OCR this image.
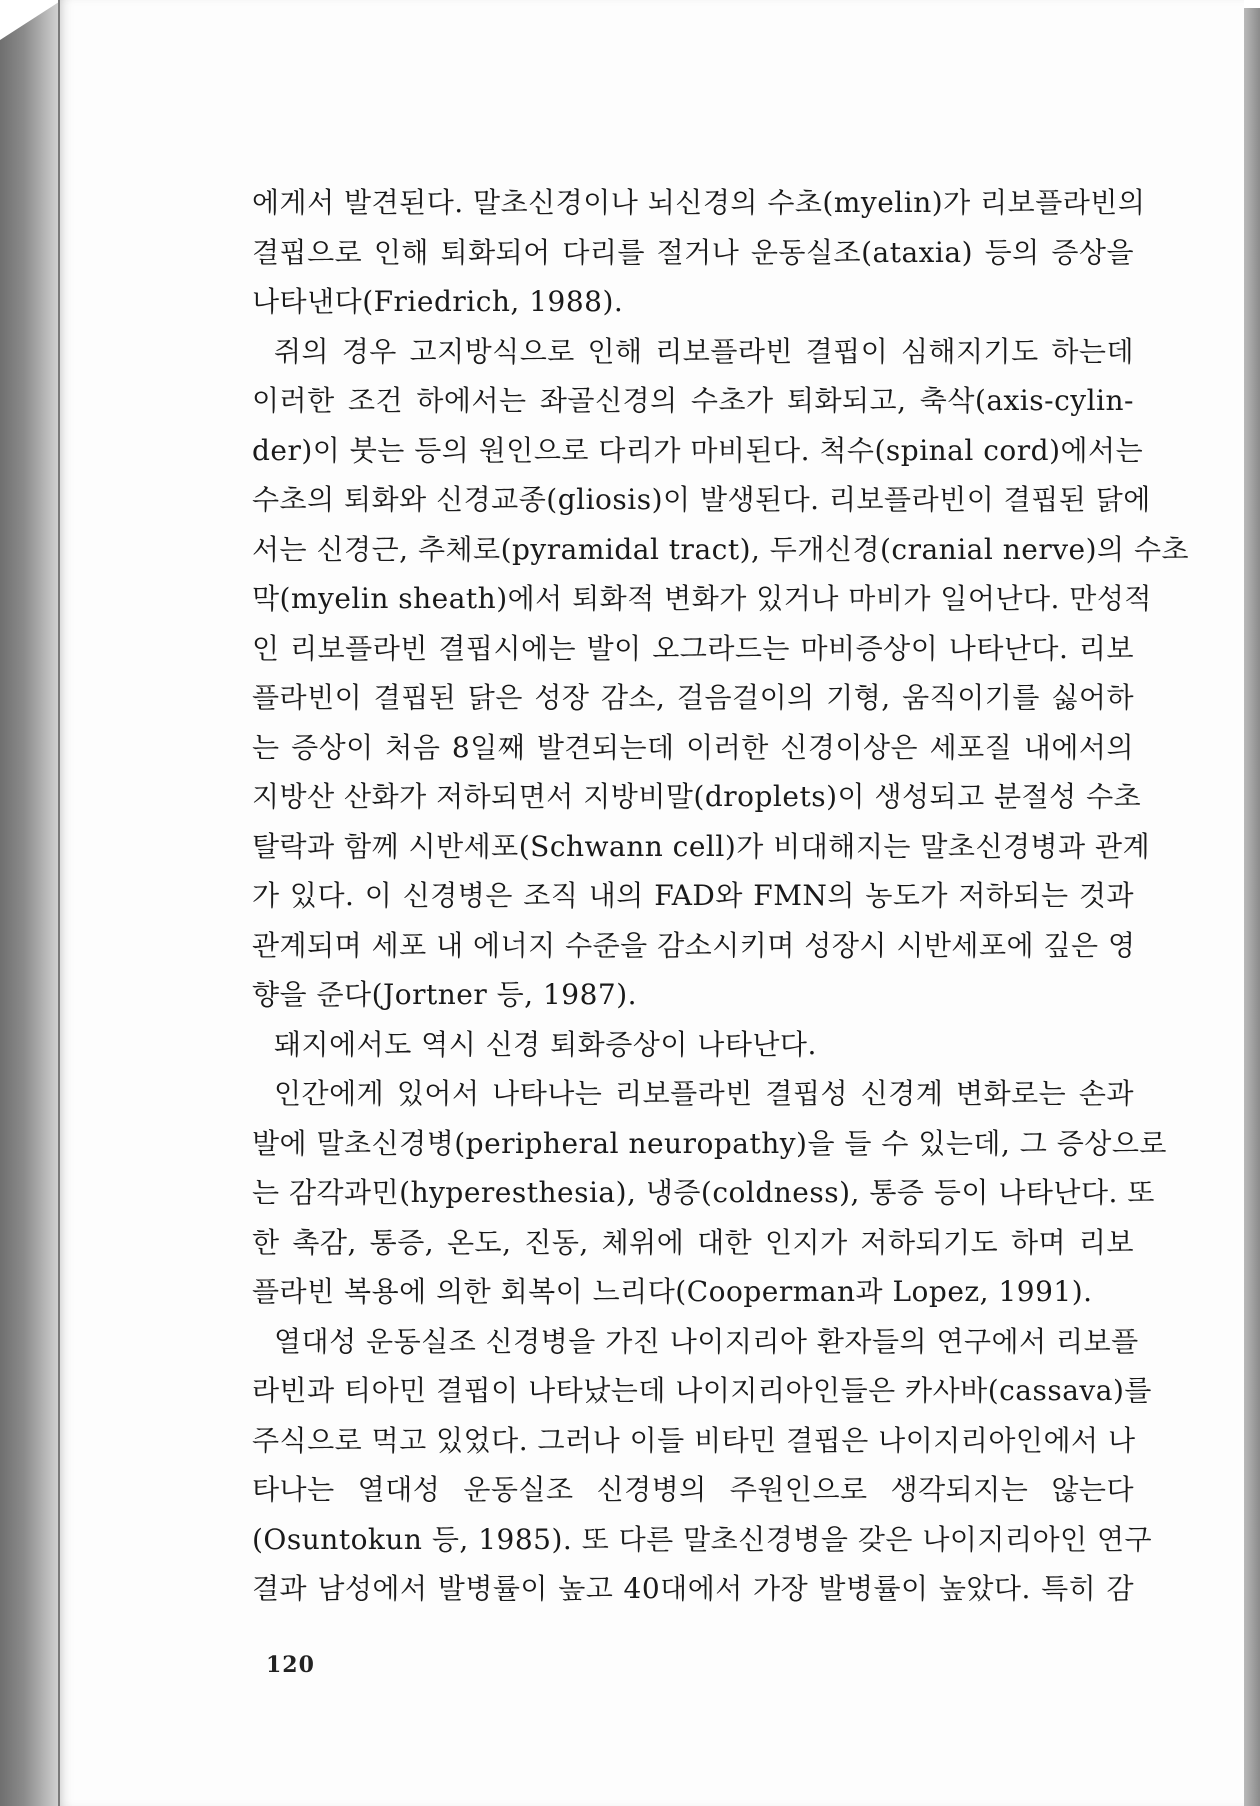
에게서 발견된다. 말초신경이나 뇌신경의 수초(myelin)가 리보플라빈의
결핍으로 인해 퇴화되어 다리를 절거나 운동실조(ataxia) 등의 증상을
나타낸다(Friedrich, 1988).
쥐의 경우 고지방식으로 인해 리보플라빈 결핍이 심해지기도 하는데
이러한 조건 하에서는 좌골신경의 수초가 퇴화되고, 축삭(axis-cylin-
der)이 붓는 등의 원인으로 다리가 마비된다. 척수(spinal cord)에서는
수초의 퇴화와 신경교종(gliosis)이 발생된다. 리보플라빈이 결핍된 닭에
서는 신경근, 추체로(pyramidal tract), 두개신경(cranial nerve)의 수초
막(myelin sheath)에서 퇴화적 변화가 있거나 마비가 일어난다. 만성적
인 리보플라빈 결핍시에는 발이 오그라드는 마비증상이 나타난다. 리보
플라빈이 결핍된 닭은 성장 감소, 걸음걸이의 기형, 움직이기를 싫어하
는 증상이 처음 8일째 발견되는데 이러한 신경이상은 세포질 내에서의
지방산 산화가 저하되면서 지방비말(droplets)이 생성되고 분절성 수초
탈락과 함께 시반세포(Schwann cell)가 비대해지는 말초신경병과 관계
가 있다. 이 신경병은 조직 내의 FAD와 FMN의 농도가 저하되는 것과
관계되며 세포 내 에너지 수준을 감소시키며 성장시 시반세포에 깊은 영
향을 준다(Jortner 등, 1987).
돼지에서도 역시 신경 퇴화증상이 나타난다.
인간에게 있어서 나타나는 리보플라빈 결핍성 신경계 변화로는 손과
발에 말초신경병(peripheral neuropathy)을 들 수 있는데, 그 증상으로
는 감각과민(hyperesthesia), 냉증(coldness), 통증 등이 나타난다. 또
한 촉감, 통증, 온도, 진동, 체위에 대한 인지가 저하되기도 하며 리보
플라빈 복용에 의한 회복이 느리다(Cooperman과 Lopez, 1991).
열대성 운동실조 신경병을 가진 나이지리아 환자들의 연구에서 리보플
라빈과 티아민 결핍이 나타났는데 나이지리아인들은 카사바(cassava)를
주식으로 먹고 있었다. 그러나 이들 비타민 결핍은 나이지리아인에서 나
타나는 열대성 운동실조 신경병의 주원인으로 생각되지는 않는다
(Osuntokun 등, 1985). 또 다른 말초신경병을 갖은 나이지리아인 연구
결과 남성에서 발병률이 높고 40대에서 가장 발병률이 높았다. 특히 감
120
